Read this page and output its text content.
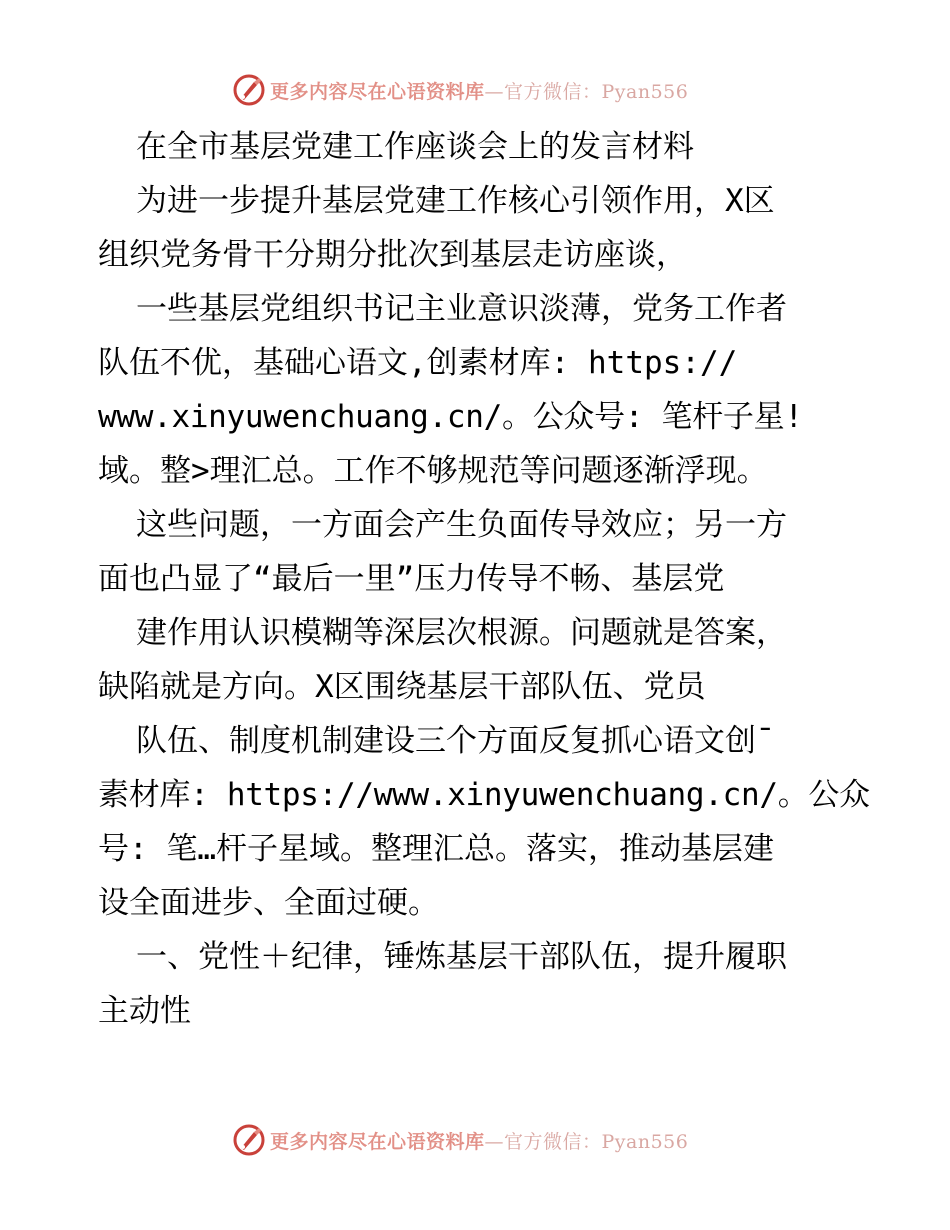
更多内容尽在心语资料库 —官方微信：Pyan556
在全市基层党建工作座谈会上的发言材料
为进一步提升基层党建工作核心引领作用，X区
组织党务骨干分期分批次到基层走访座谈，
一些基层党组织书记主业意识淡薄，党务工作者
队伍不优，基础心语文,创素材库: https://
www.xinyuwenchuang.cn/。公众号: 笔杆子星!
域。整>理汇总。工作不够规范等问题逐渐浮现。
这些问题，一方面会产生负面传导效应；另一方
面也凸显了“最后一里”压力传导不畅、基层党
建作用认识模糊等深层次根源。问题就是答案，
缺陷就是方向。X区围绕基层干部队伍、党员
队伍、制度机制建设三个方面反复抓心语文创¯
素材库: https://www.xinyuwenchuang.cn/。公众
号: 笔…杆子星域。整理汇总。落实，推动基层建
设全面进步、全面过硬。
一、党性＋纪律，锤炼基层干部队伍，提升履职
主动性
更多内容尽在心语资料库 —官方微信：Pyan556
